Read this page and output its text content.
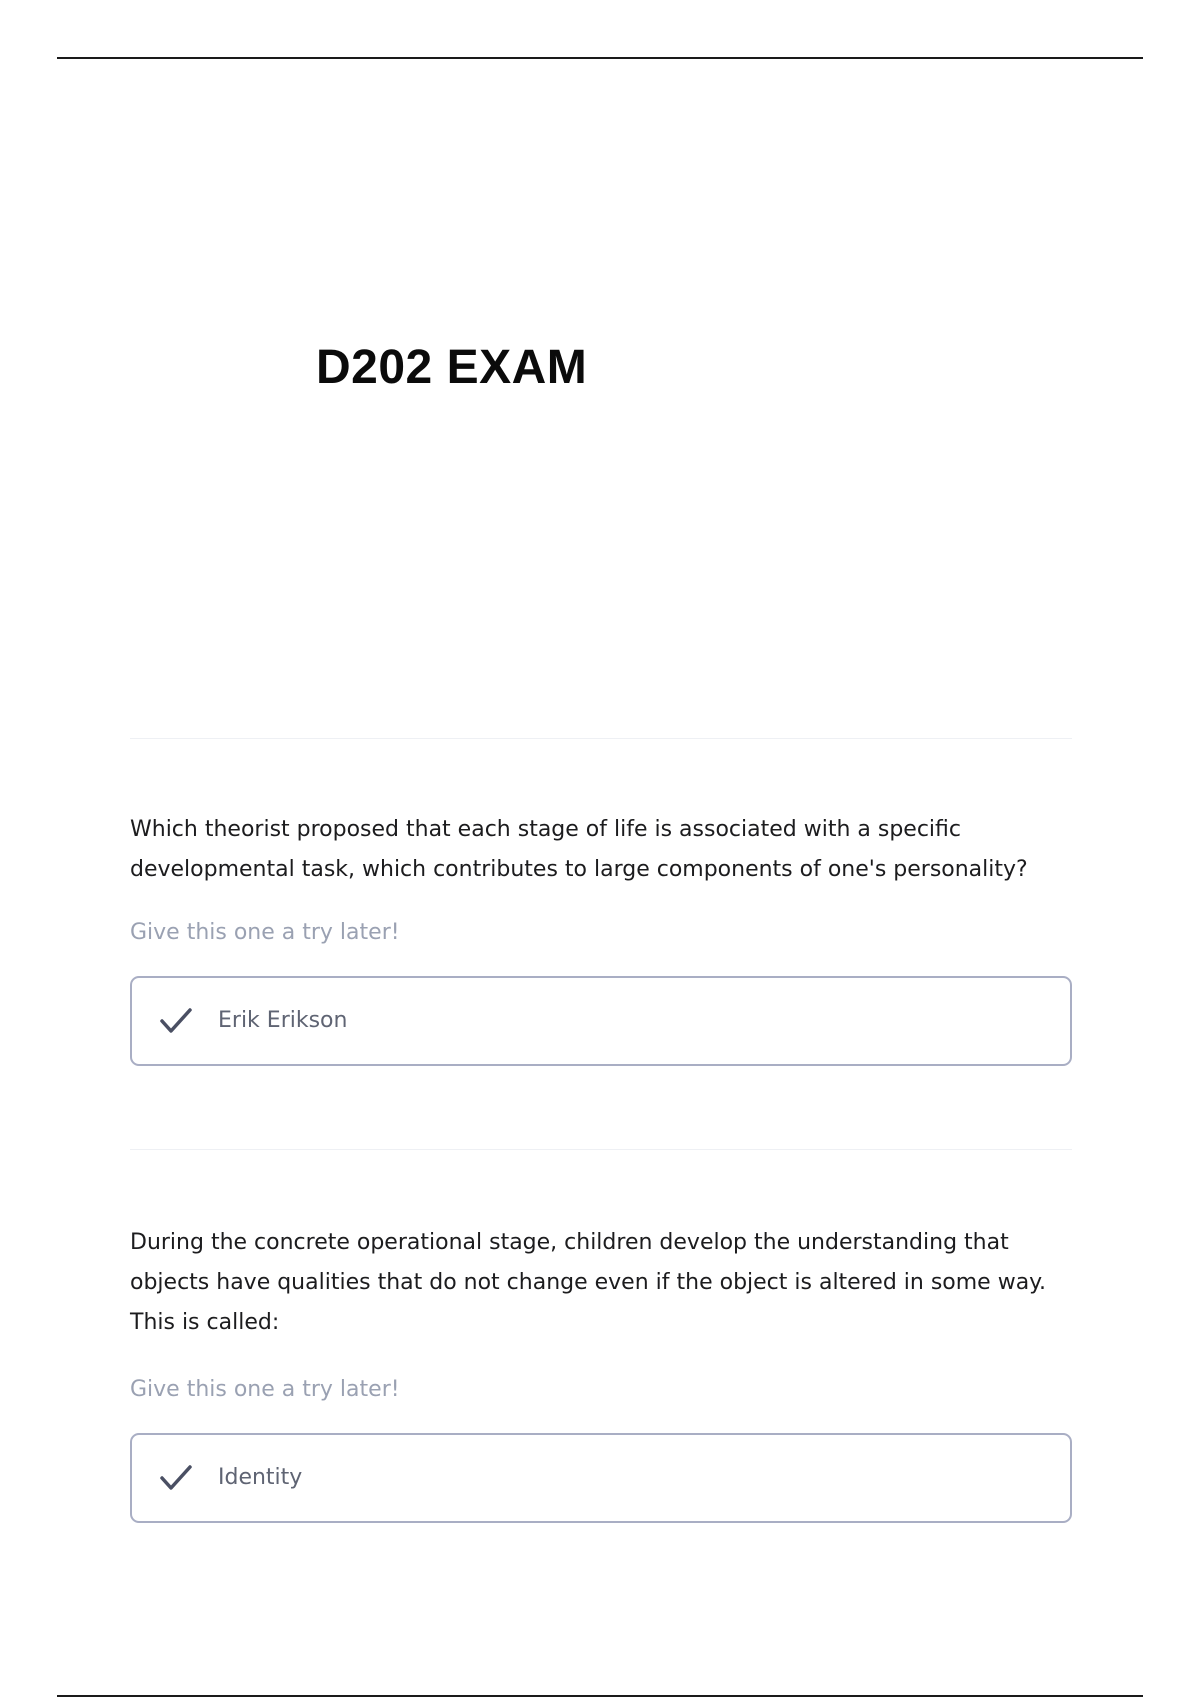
D202 EXAM

Which theorist proposed that each stage of life is associated with a specific
developmental task, which contributes to large components of one's personality?

Give this one a try later!

Erik Erikson

During the concrete operational stage, children develop the understanding that
objects have qualities that do not change even if the object is altered in some way.
This is called:

Give this one a try later!

Identity
